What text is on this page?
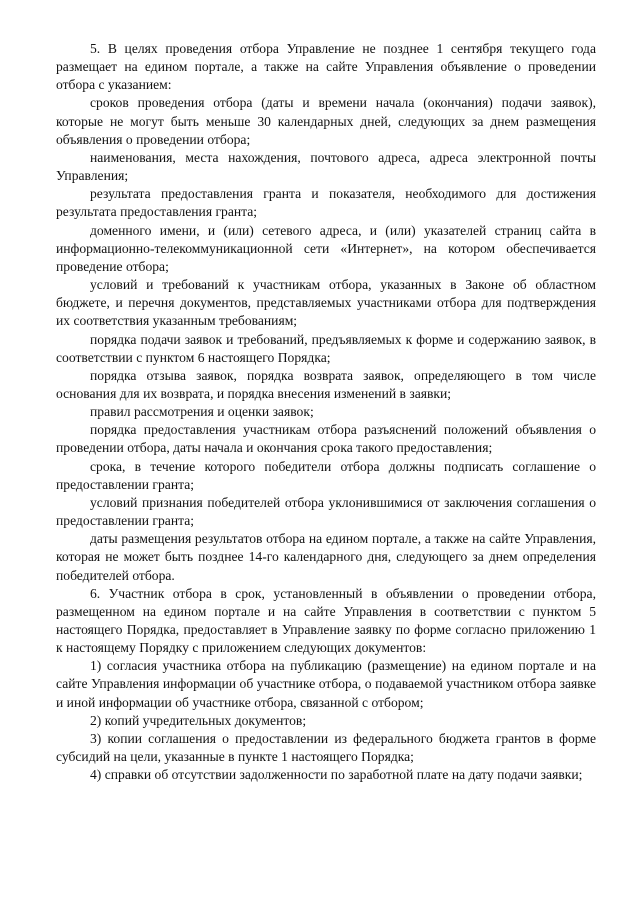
5. В целях проведения отбора Управление не позднее 1 сентября текущего года размещает на едином портале, а также на сайте Управления объявление о проведении отбора с указанием:

сроков проведения отбора (даты и времени начала (окончания) подачи заявок), которые не могут быть меньше 30 календарных дней, следующих за днем размещения объявления о проведении отбора;

наименования, места нахождения, почтового адреса, адреса электронной почты Управления;

результата предоставления гранта и показателя, необходимого для достижения результата предоставления гранта;

доменного имени, и (или) сетевого адреса, и (или) указателей страниц сайта в информационно-телекоммуникационной сети «Интернет», на котором обеспечивается проведение отбора;

условий и требований к участникам отбора, указанных в Законе об областном бюджете, и перечня документов, представляемых участниками отбора для подтверждения их соответствия указанным требованиям;

порядка подачи заявок и требований, предъявляемых к форме и содержанию заявок, в соответствии с пунктом 6 настоящего Порядка;

порядка отзыва заявок, порядка возврата заявок, определяющего в том числе основания для их возврата, и порядка внесения изменений в заявки;

правил рассмотрения и оценки заявок;

порядка предоставления участникам отбора разъяснений положений объявления о проведении отбора, даты начала и окончания срока такого предоставления;

срока, в течение которого победители отбора должны подписать соглашение о предоставлении гранта;

условий признания победителей отбора уклонившимися от заключения соглашения о предоставлении гранта;

даты размещения результатов отбора на едином портале, а также на сайте Управления, которая не может быть позднее 14-го календарного дня, следующего за днем определения победителей отбора.

6. Участник отбора в срок, установленный в объявлении о проведении отбора, размещенном на едином портале и на сайте Управления в соответствии с пунктом 5 настоящего Порядка, предоставляет в Управление заявку по форме согласно приложению 1 к настоящему Порядку с приложением следующих документов:

1) согласия участника отбора на публикацию (размещение) на едином портале и на сайте Управления информации об участнике отбора, о подаваемой участником отбора заявке и иной информации об участнике отбора, связанной с отбором;

2) копий учредительных документов;

3) копии соглашения о предоставлении из федерального бюджета грантов в форме субсидий на цели, указанные в пункте 1 настоящего Порядка;

4) справки об отсутствии задолженности по заработной плате на дату подачи заявки;
